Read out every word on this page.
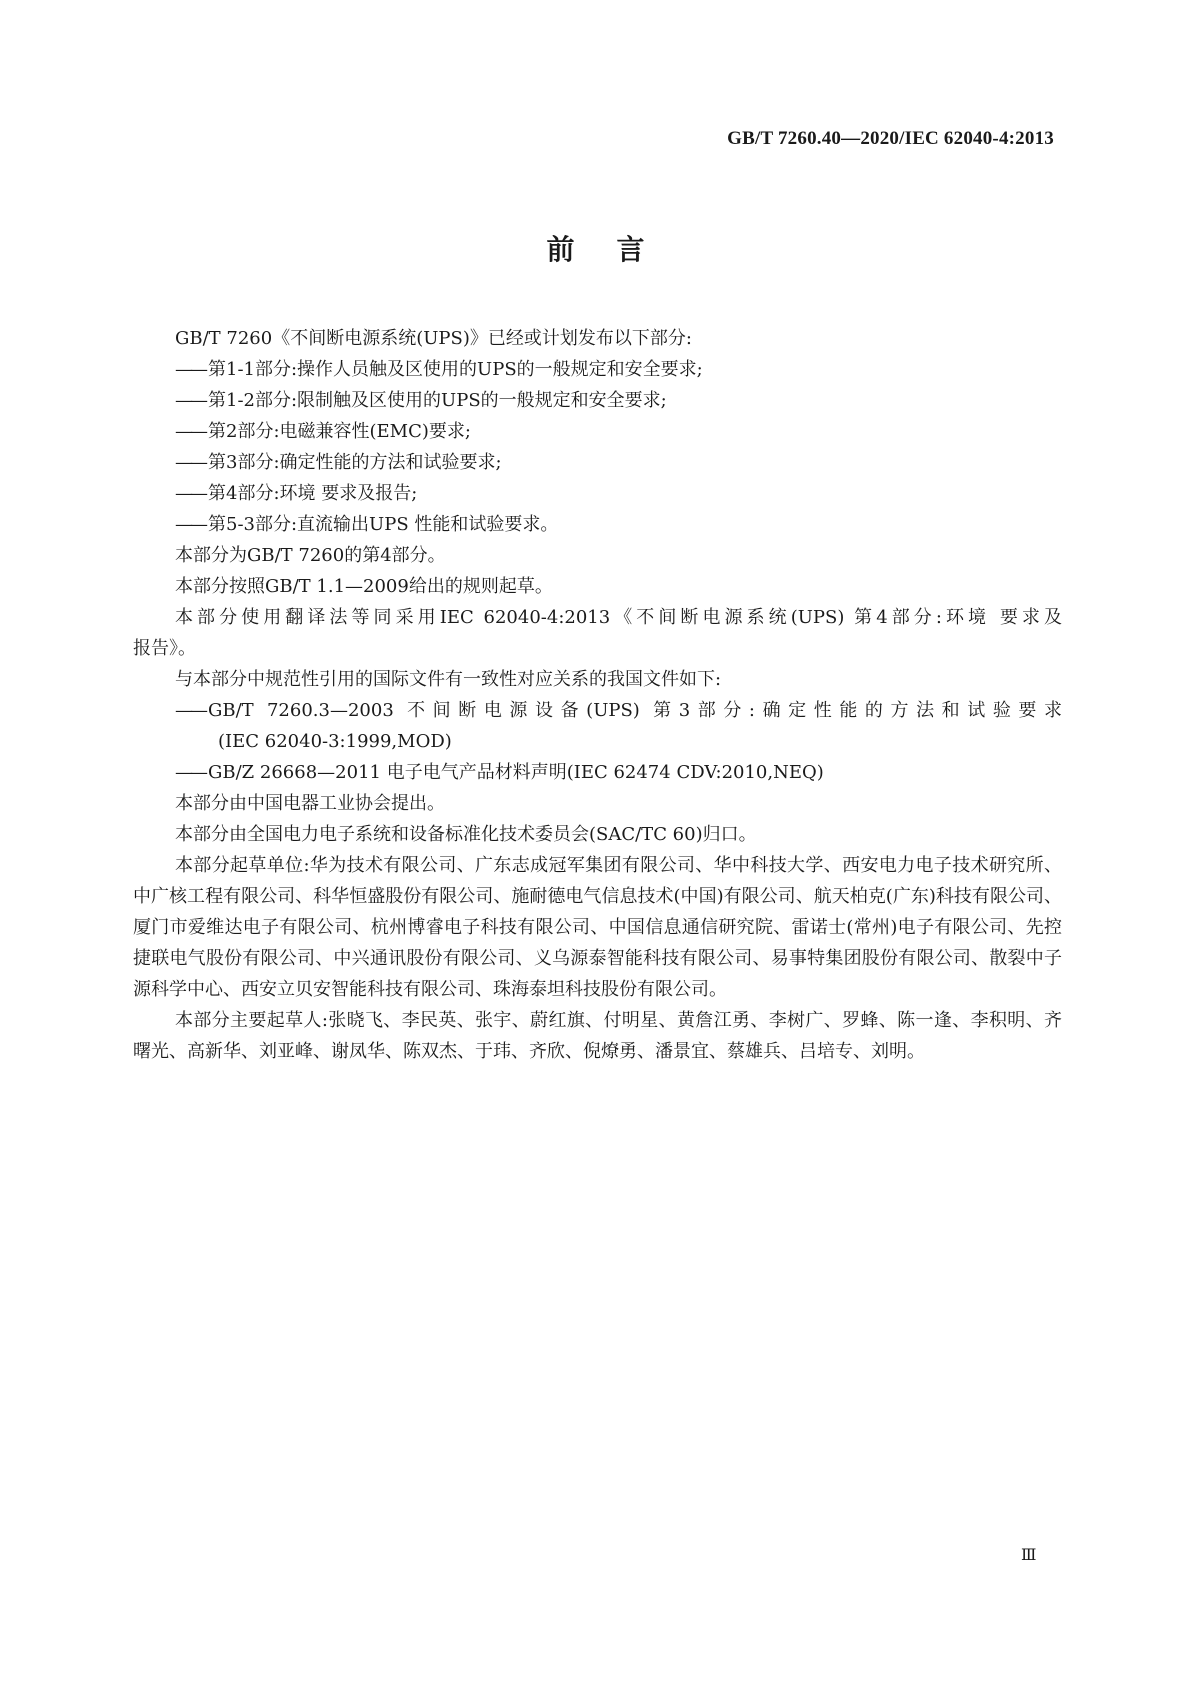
GB/T 7260.40—2020/IEC 62040-4:2013
前言
GB/T 7260《不间断电源系统(UPS)》已经或计划发布以下部分:
—— 第1-1部分:操作人员触及区使用的UPS的一般规定和安全要求;
—— 第1-2部分:限制触及区使用的UPS的一般规定和安全要求;
—— 第2部分:电磁兼容性(EMC)要求;
—— 第3部分:确定性能的方法和试验要求;
—— 第4部分:环境 要求及报告;
—— 第5-3部分:直流输出UPS 性能和试验要求。
本部分为GB/T 7260的第4部分。
本部分按照GB/T 1.1—2009给出的规则起草。
本部分使用翻译法等同采用IEC 62040-4:2013《不间断电源系统(UPS) 第4部分:环境 要求及
报告》。
与本部分中规范性引用的国际文件有一致性对应关系的我国文件如下:
—— GB/T 7260.3—2003 不间断电源设备(UPS) 第3部分:确定性能的方法和试验要求
(IEC 62040-3:1999,MOD)
—— GB/Z 26668—2011 电子电气产品材料声明(IEC 62474 CDV:2010,NEQ)
本部分由中国电器工业协会提出。
本部分由全国电力电子系统和设备标准化技术委员会(SAC/TC 60)归口。
本部分起草单位:华为技术有限公司、广东志成冠军集团有限公司、华中科技大学、西安电力电子技术研究所、中广核工程有限公司、科华恒盛股份有限公司、施耐德电气信息技术(中国)有限公司、航天柏克(广东)科技有限公司、厦门市爱维达电子有限公司、杭州博睿电子科技有限公司、中国信息通信研究院、雷诺士(常州)电子有限公司、先控捷联电气股份有限公司、中兴通讯股份有限公司、义乌源泰智能科技有限公司、易事特集团股份有限公司、散裂中子源科学中心、西安立贝安智能科技有限公司、珠海泰坦科技股份有限公司。
本部分主要起草人:张晓飞、李民英、张宇、蔚红旗、付明星、黄詹江勇、李树广、罗蜂、陈一逢、李积明、齐曙光、高新华、刘亚峰、谢凤华、陈双杰、于玮、齐欣、倪燎勇、潘景宜、蔡雄兵、吕培专、刘明。
Ⅲ
